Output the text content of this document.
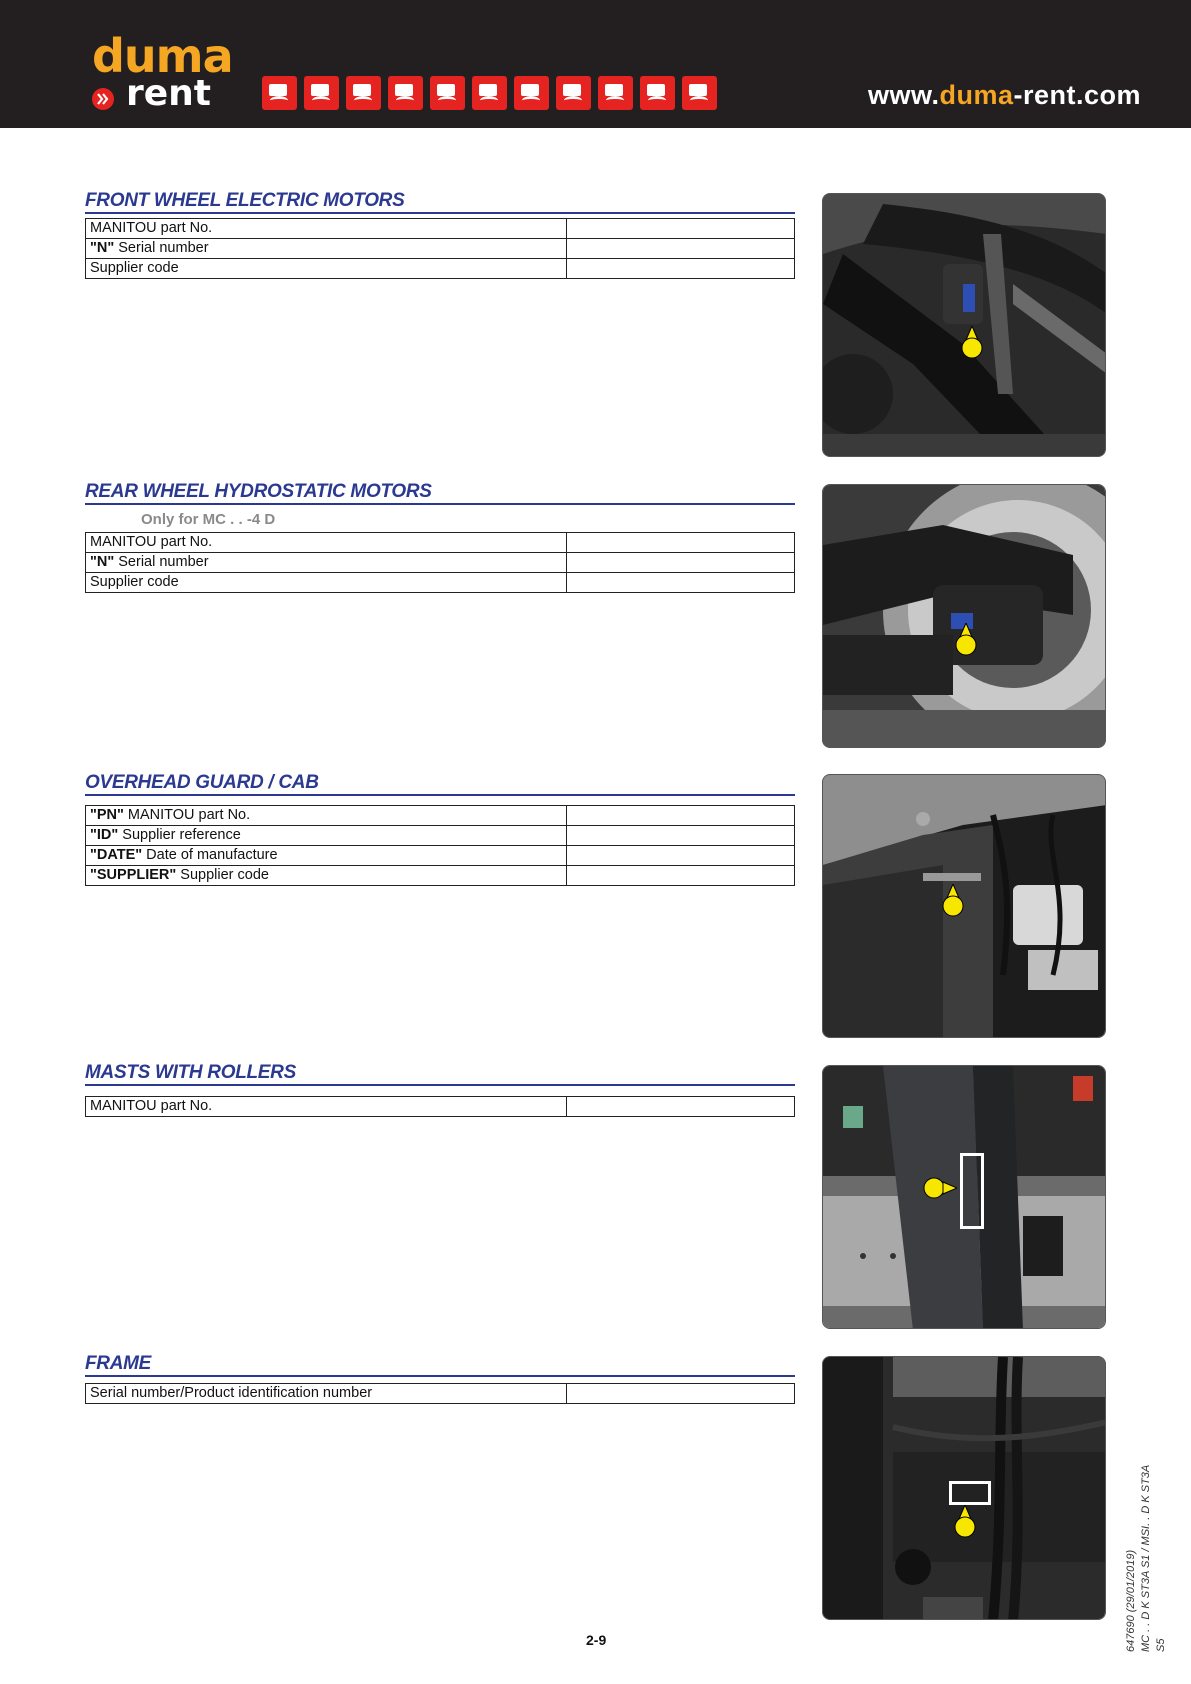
duma
rent	www.duma-rent.com
FRONT WHEEL ELECTRIC MOTORS
MANITOU part No.	
"N" Serial number	
Supplier code	
REAR WHEEL HYDROSTATIC MOTORS
Only for MC . . -4 D
MANITOU part No.	
"N" Serial number	
Supplier code	
OVERHEAD GUARD / CAB
"PN" MANITOU part No.	
"ID" Supplier reference	
"DATE" Date of manufacture	
"SUPPLIER" Supplier code	
MASTS WITH ROLLERS
MANITOU part No.	
FRAME
Serial number/Product identification number	
2-9	647690 (29/01/2019) MC . . D K ST3A S1 / MSI. . D K ST3A S5
